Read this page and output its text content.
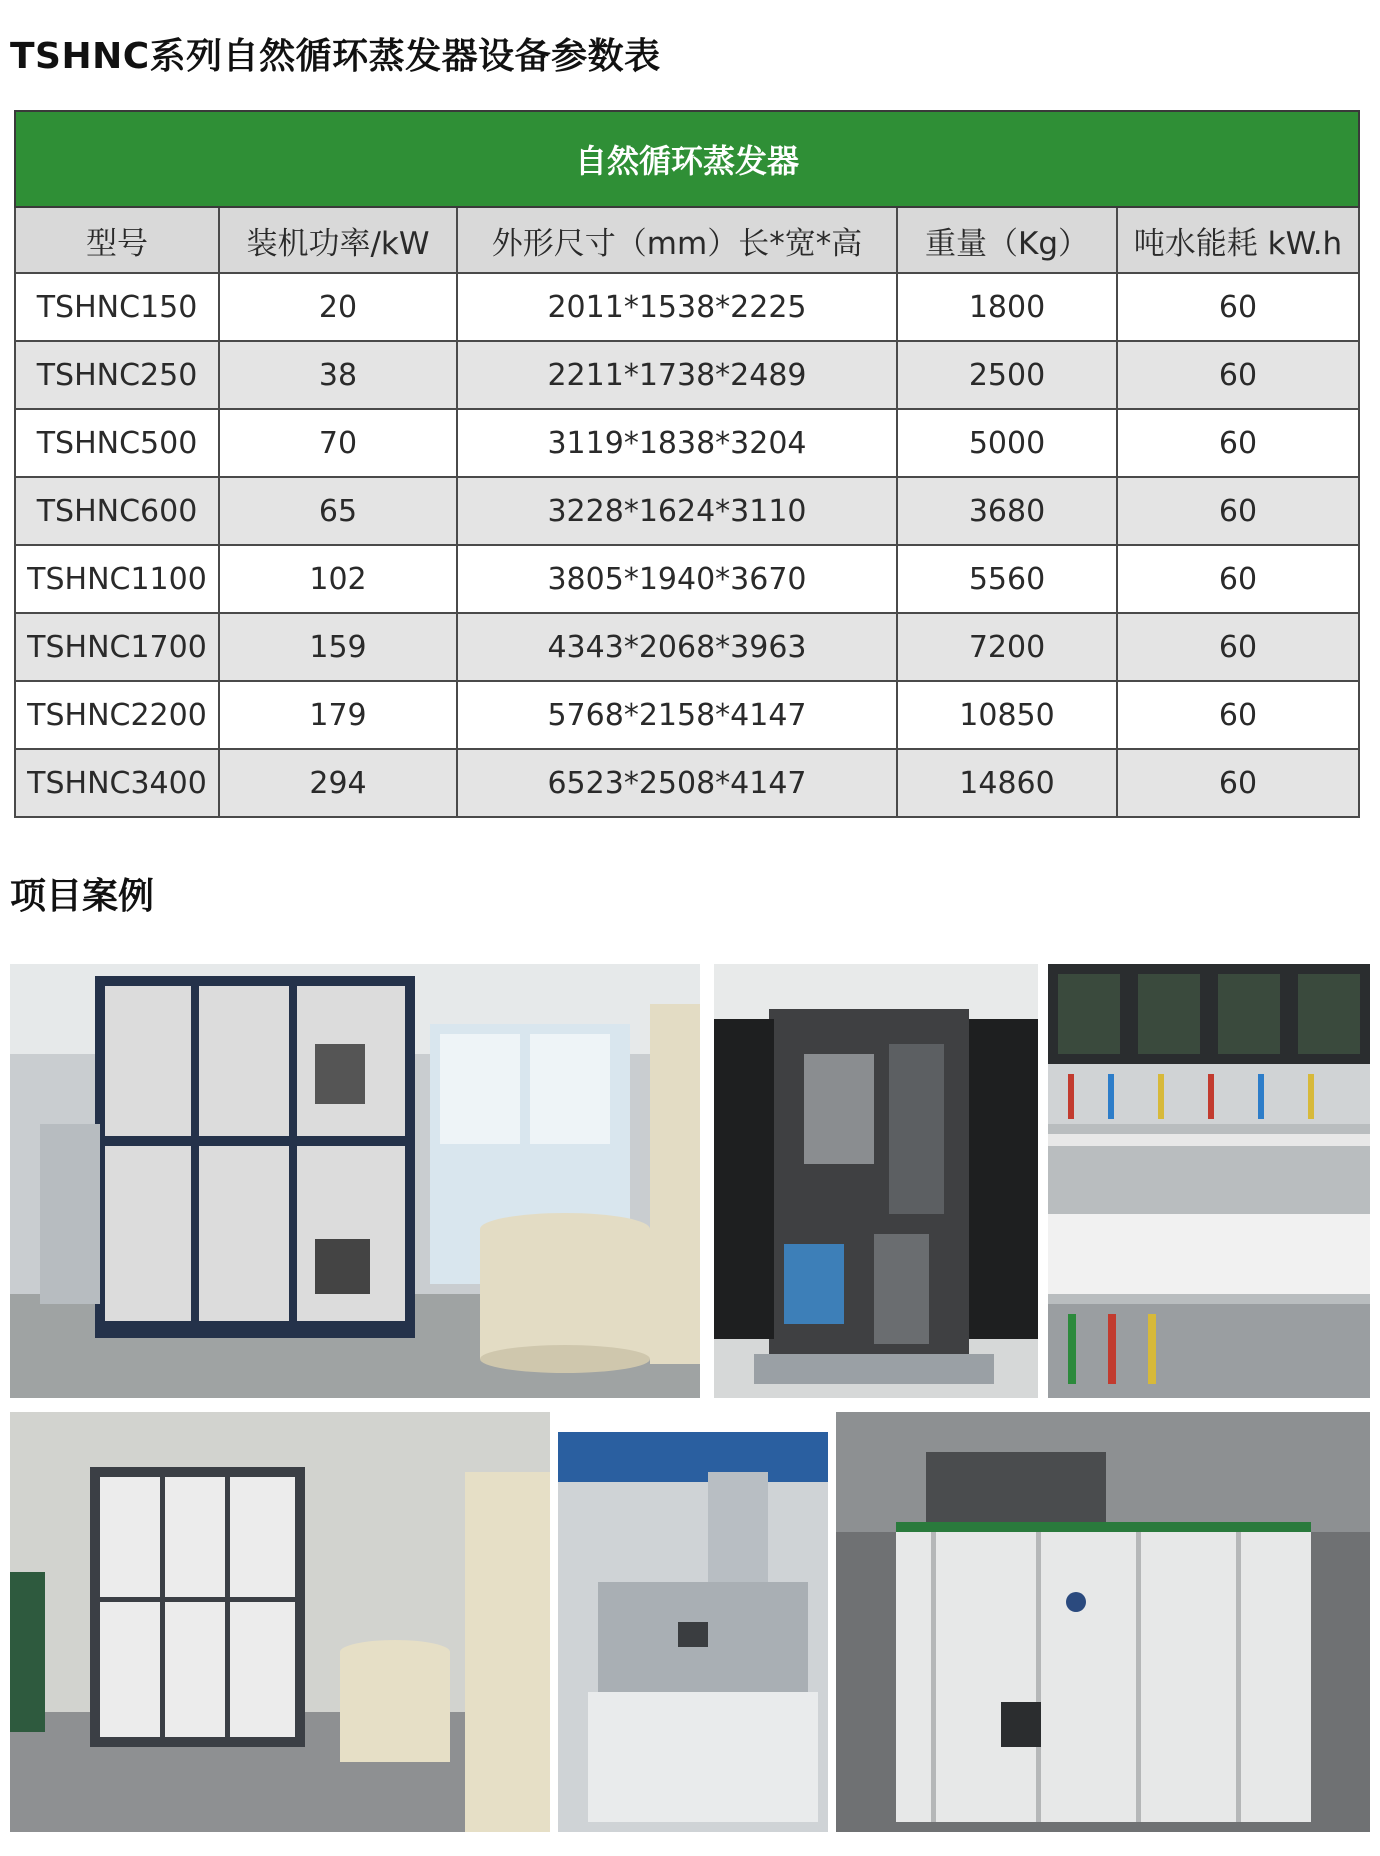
TSHNC系列自然循环蒸发器设备参数表
自然循环蒸发器				
型号	装机功率/kW	外形尺寸（mm）长*宽*高	重量（Kg）	吨水能耗 kW.h
TSHNC150	20	2011*1538*2225	1800	60
TSHNC250	38	2211*1738*2489	2500	60
TSHNC500	70	3119*1838*3204	5000	60
TSHNC600	65	3228*1624*3110	3680	60
TSHNC1100	102	3805*1940*3670	5560	60
TSHNC1700	159	4343*2068*3963	7200	60
TSHNC2200	179	5768*2158*4147	10850	60
TSHNC3400	294	6523*2508*4147	14860	60
项目案例
